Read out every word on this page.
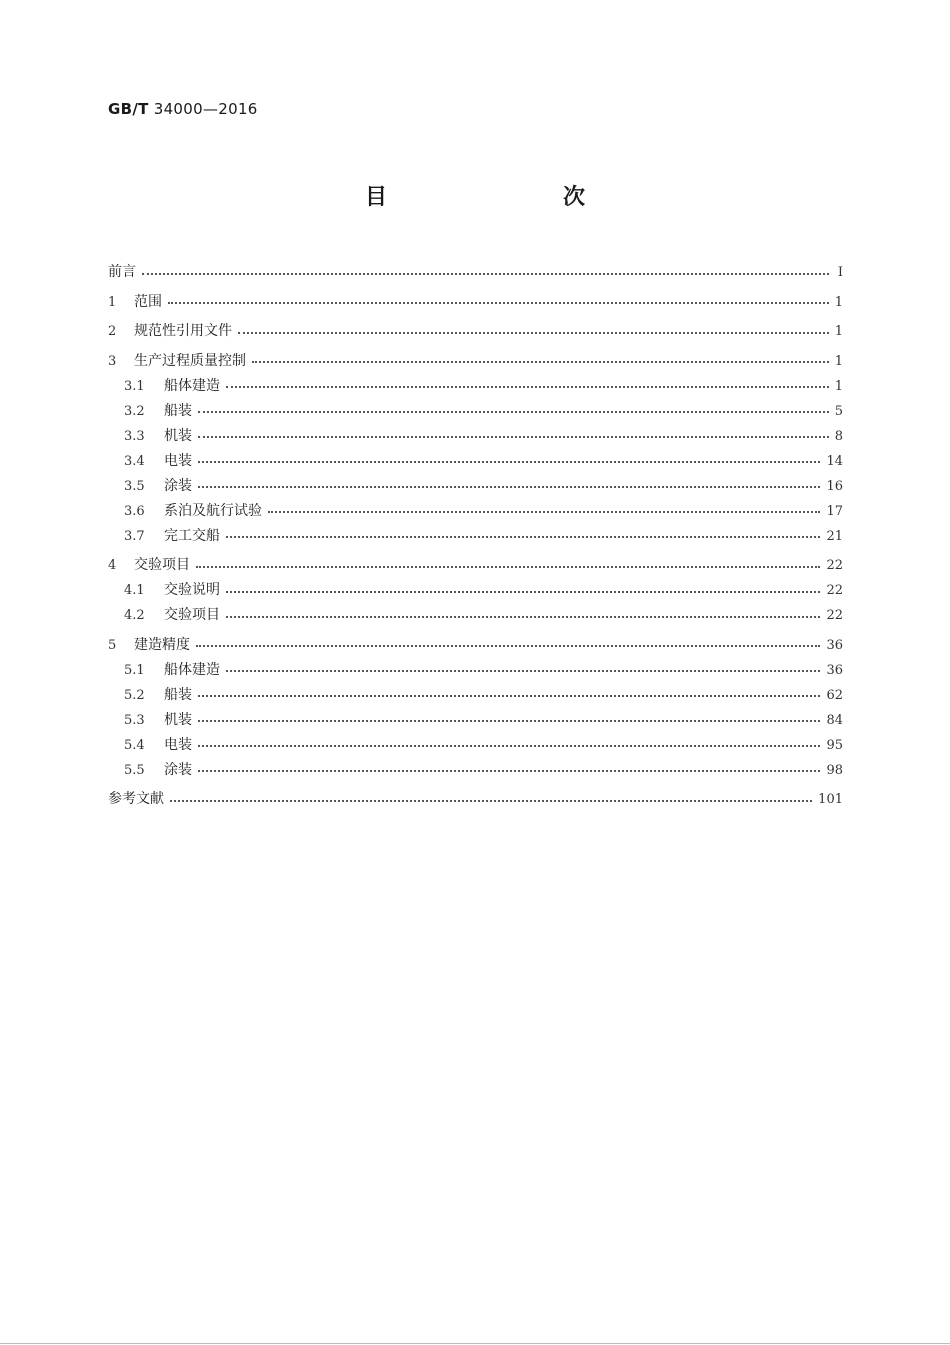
GB/T 34000—2016
目　　次
前言	Ⅰ
1	范围	1
2	规范性引用文件	1
3	生产过程质量控制	1
3.1	船体建造	1
3.2	船装	5
3.3	机装	8
3.4	电装	14
3.5	涂装	16
3.6	系泊及航行试验	17
3.7	完工交船	21
4	交验项目	22
4.1	交验说明	22
4.2	交验项目	22
5	建造精度	36
5.1	船体建造	36
5.2	船装	62
5.3	机装	84
5.4	电装	95
5.5	涂装	98
参考文献	101
